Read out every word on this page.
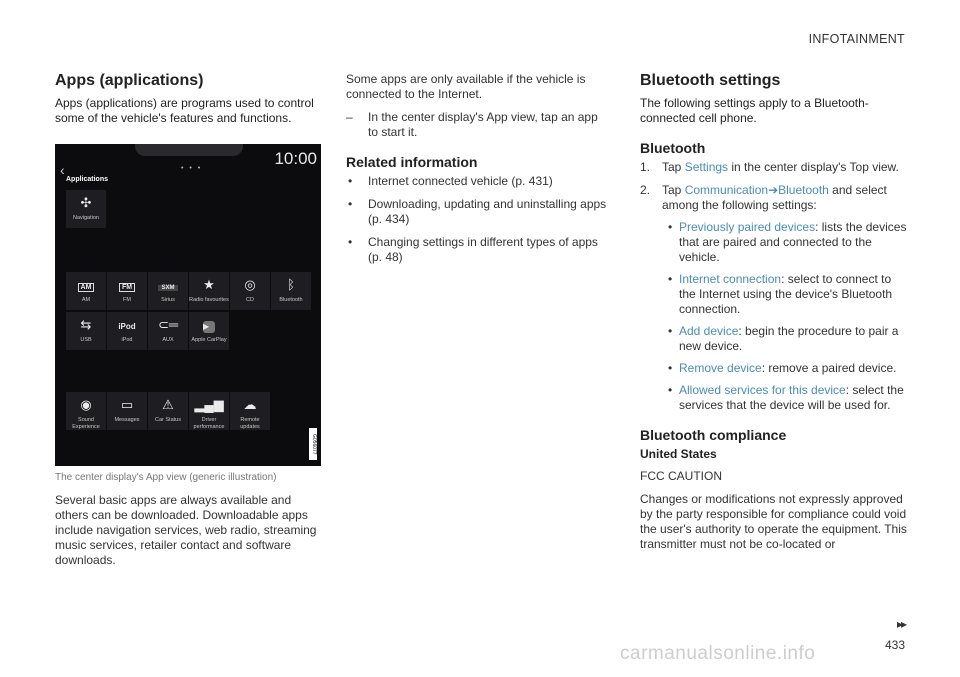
INFOTAINMENT
Apps (applications)

Apps (applications) are programs used to control some of the vehicle's features and functions.

‹	• • •
10:00
Applications
✣
Navigation
AM
AM
FM
FM
SXM
Sirius
★
Radio favourites
◎
CD
ᛒ
Bluetooth
⇆
USB
iPod
iPod
⊂═
AUX
▶
Apple CarPlay
◉
Sound Experience
▭
Messages
⚠
Car Status
▂▄▆
Driver performance
☁
Remote updates
G056077
The center display's App view (generic illustration)

Several basic apps are always available and others can be downloaded. Downloadable apps include navigation services, web radio, streaming music services, retailer contact and software downloads.

Some apps are only available if the vehicle is connected to the Internet.

– In the center display's App view, tap an app to start it.
Related information
• Internet connected vehicle (p. 431)
• Downloading, updating and uninstalling apps (p. 434)
• Changing settings in different types of apps (p. 48)
Bluetooth settings

The following settings apply to a Bluetooth-connected cell phone.

Bluetooth
1. Tap Settings in the center display's Top view.
2. Tap Communication➔Bluetooth and select among the following settings:
• Previously paired devices: lists the devices that are paired and connected to the vehicle.
• Internet connection: select to connect to the Internet using the device's Bluetooth connection.
• Add device: begin the procedure to pair a new device.
• Remove device: remove a paired device.
• Allowed services for this device: select the services that the device will be used for.
Bluetooth compliance
United States

FCC CAUTION

Changes or modifications not expressly approved by the party responsible for compliance could void the user's authority to operate the equipment. This transmitter must not be co-located or

▸▸
433
carmanualsonline.info
